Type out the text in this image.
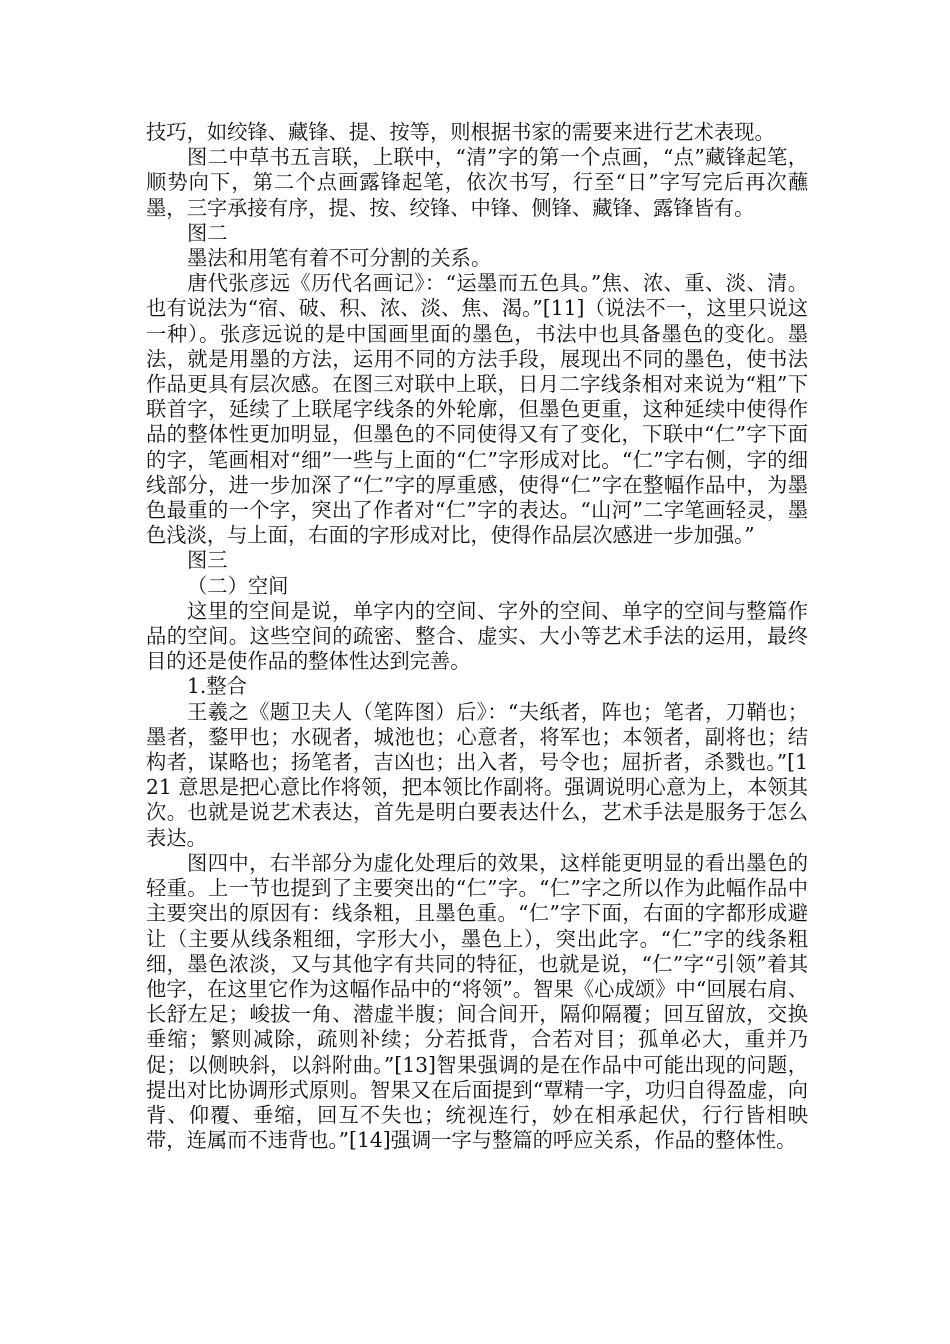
技巧，如绞锋、藏锋、提、按等，则根据书家的需要来进行艺术表现。

图二中草书五言联，上联中，“清”字的第一个点画，“点”藏锋起笔，顺势向下，第二个点画露锋起笔，依次书写，行至“日”字写完后再次蘸墨，三字承接有序，提、按、绞锋、中锋、侧锋、藏锋、露锋皆有。

图二

墨法和用笔有着不可分割的关系。

唐代张彦远《历代名画记》：“运墨而五色具。”焦、浓、重、淡、清。也有说法为“宿、破、积、浓、淡、焦、渴。”[11]（说法不一，这里只说这一种）。张彦远说的是中国画里面的墨色，书法中也具备墨色的变化。墨法，就是用墨的方法，运用不同的方法手段，展现出不同的墨色，使书法作品更具有层次感。在图三对联中上联，日月二字线条相对来说为“粗”下联首字，延续了上联尾字线条的外轮廓，但墨色更重，这种延续中使得作品的整体性更加明显，但墨色的不同使得又有了变化，下联中“仁”字下面的字，笔画相对“细”一些与上面的“仁”字形成对比。“仁”字右侧，字的细线部分，进一步加深了“仁”字的厚重感，使得“仁”字在整幅作品中，为墨色最重的一个字，突出了作者对“仁”字的表达。“山河”二字笔画轻灵，墨色浅淡，与上面，右面的字形成对比，使得作品层次感进一步加强。”

图三

（二）空间

这里的空间是说，单字内的空间、字外的空间、单字的空间与整篇作品的空间。这些空间的疏密、整合、虚实、大小等艺术手法的运用，最终目的还是使作品的整体性达到完善。

1.整合

王羲之《题卫夫人（笔阵图）后》：“夫纸者，阵也；笔者，刀鞘也；墨者，鍪甲也；水砚者，城池也；心意者，将军也；本领者，副将也；结构者，谋略也；扬笔者，吉凶也；出入者，号令也；屈折者，杀戮也。”[121 意思是把心意比作将领，把本领比作副将。强调说明心意为上，本领其次。也就是说艺术表达，首先是明白要表达什么，艺术手法是服务于怎么表达。

图四中，右半部分为虚化处理后的效果，这样能更明显的看出墨色的轻重。上一节也提到了主要突出的“仁”字。“仁”字之所以作为此幅作品中主要突出的原因有：线条粗，且墨色重。“仁”字下面，右面的字都形成避让（主要从线条粗细，字形大小，墨色上），突出此字。“仁”字的线条粗细，墨色浓淡，又与其他字有共同的特征，也就是说，“仁”字“引领”着其他字，在这里它作为这幅作品中的“将领”。智果《心成颂》中“回展右肩、长舒左足；峻拔一角、潜虚半腹；间合间开，隔仰隔覆；回互留放，交换垂缩；繁则减除，疏则补续；分若抵背，合若对目；孤单必大，重并乃促；以侧映斜，以斜附曲。”[13]智果强调的是在作品中可能出现的问题，提出对比协调形式原则。智果又在后面提到“覃精一字，功归自得盈虚，向背、仰覆、垂缩，回互不失也；统视连行，妙在相承起伏，行行皆相映带，连属而不违背也。”[14]强调一字与整篇的呼应关系，作品的整体性。
